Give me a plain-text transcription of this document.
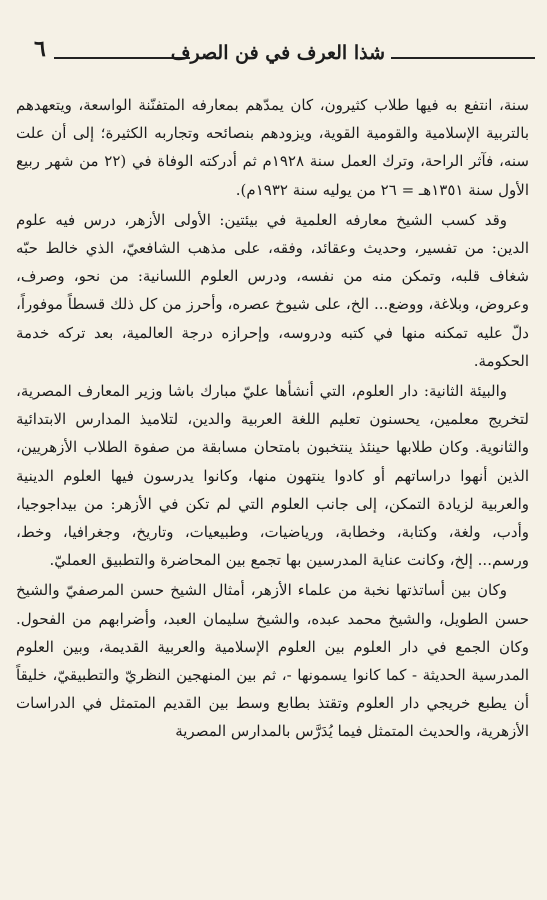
٦	شذا العرف في فن الصرف

سنة، انتفع به فيها طلاب كثيرون، كان يمدّهم بمعارفه المتفنّنة الواسعة، ويتعهدهم بالتربية الإسلامية والقومية القوية، ويزودهم بنصائحه وتجاربه الكثيرة؛ إلى أن علت سنه، فآثر الراحة، وترك العمل سنة ١٩٢٨م ثم أدركته الوفاة في (٢٢ من شهر ربيع الأول سنة ١٣٥١هـ = ٢٦ من يوليه سنة ١٩٣٢م).

وقد كسب الشيخ معارفه العلمية في بيئتين: الأولى الأزهر، درس فيه علوم الدين: من تفسير، وحديث وعقائد، وفقه، على مذهب الشافعيّ، الذي خالط حبّه شغاف قلبه، وتمكن منه من نفسه، ودرس العلوم اللسانية: من نحو، وصرف، وعروض، وبلاغة، ووضع... الخ، على شيوخ عصره، وأحرز من كل ذلك قسطاً موفوراً، دلّ عليه تمكنه منها في كتبه ودروسه، وإحرازه درجة العالمية، بعد تركه خدمة الحكومة.

والبيئة الثانية: دار العلوم، التي أنشأها عليّ مبارك باشا وزير المعارف المصرية، لتخريج معلمين، يحسنون تعليم اللغة العربية والدين، لتلاميذ المدارس الابتدائية والثانوية. وكان طلابها حينئذ ينتخبون بامتحان مسابقة من صفوة الطلاب الأزهريين، الذين أنهوا دراساتهم أو كادوا ينتهون منها، وكانوا يدرسون فيها العلوم الدينية والعربية لزيادة التمكن، إلى جانب العلوم التي لم تكن في الأزهر: من بيداجوجيا، وأدب، ولغة، وكتابة، وخطابة، ورياضيات، وطبيعيات، وتاريخ، وجغرافيا، وخط، ورسم... إلخ، وكانت عناية المدرسين بها تجمع بين المحاضرة والتطبيق العمليّ.

وكان بين أساتذتها نخبة من علماء الأزهر، أمثال الشيخ حسن المرصفيّ والشيخ حسن الطويل، والشيخ محمد عبده، والشيخ سليمان العبد، وأضرابهم من الفحول. وكان الجمع في دار العلوم بين العلوم الإسلامية والعربية القديمة، وبين العلوم المدرسية الحديثة - كما كانوا يسمونها -، ثم بين المنهجين النظريّ والتطبيقيّ، خليقاً أن يطبع خريجي دار العلوم وتقتذ بطابع وسط بين القديم المتمثل في الدراسات الأزهرية، والحديث المتمثل فيما يُدَرَّس بالمدارس المصرية
